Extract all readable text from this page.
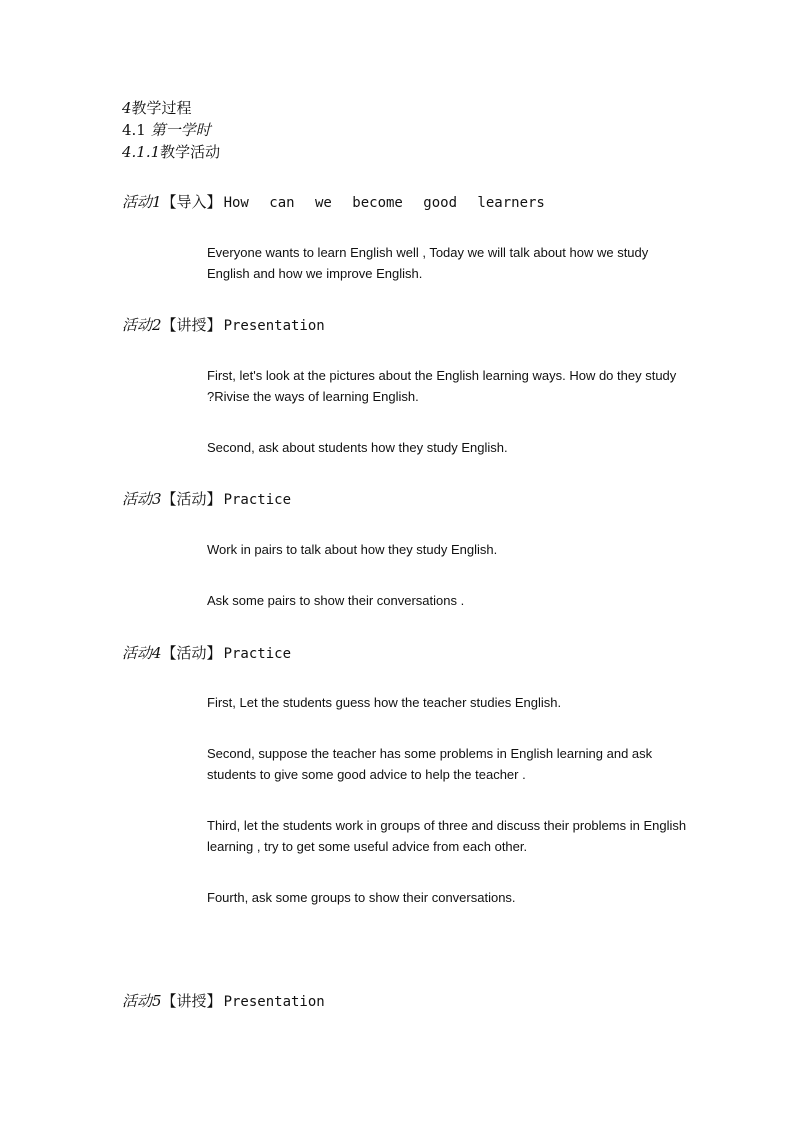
4教学过程
4.1 第一学时
4.1.1教学活动
活动1【导入】 How can we become good learners

Everyone wants to learn English well , Today we will talk about how we study English and how we improve English.

活动2【讲授】 Presentation

First, let's look at the pictures about the English learning ways. How do they study ?Rivise the ways of learning English.

Second, ask about students how they study English.

活动3【活动】 Practice

Work in pairs to talk about how they study English.

Ask some pairs to show their conversations .

活动4【活动】 Practice

First, Let the students guess how the teacher studies English.

Second, suppose the teacher has some problems in English learning and ask students to give some good advice to help the teacher .

Third, let the students work in groups of three and discuss their problems in English learning , try to get some useful advice from each other.

Fourth, ask some groups to show their conversations.

活动5【讲授】 Presentation
